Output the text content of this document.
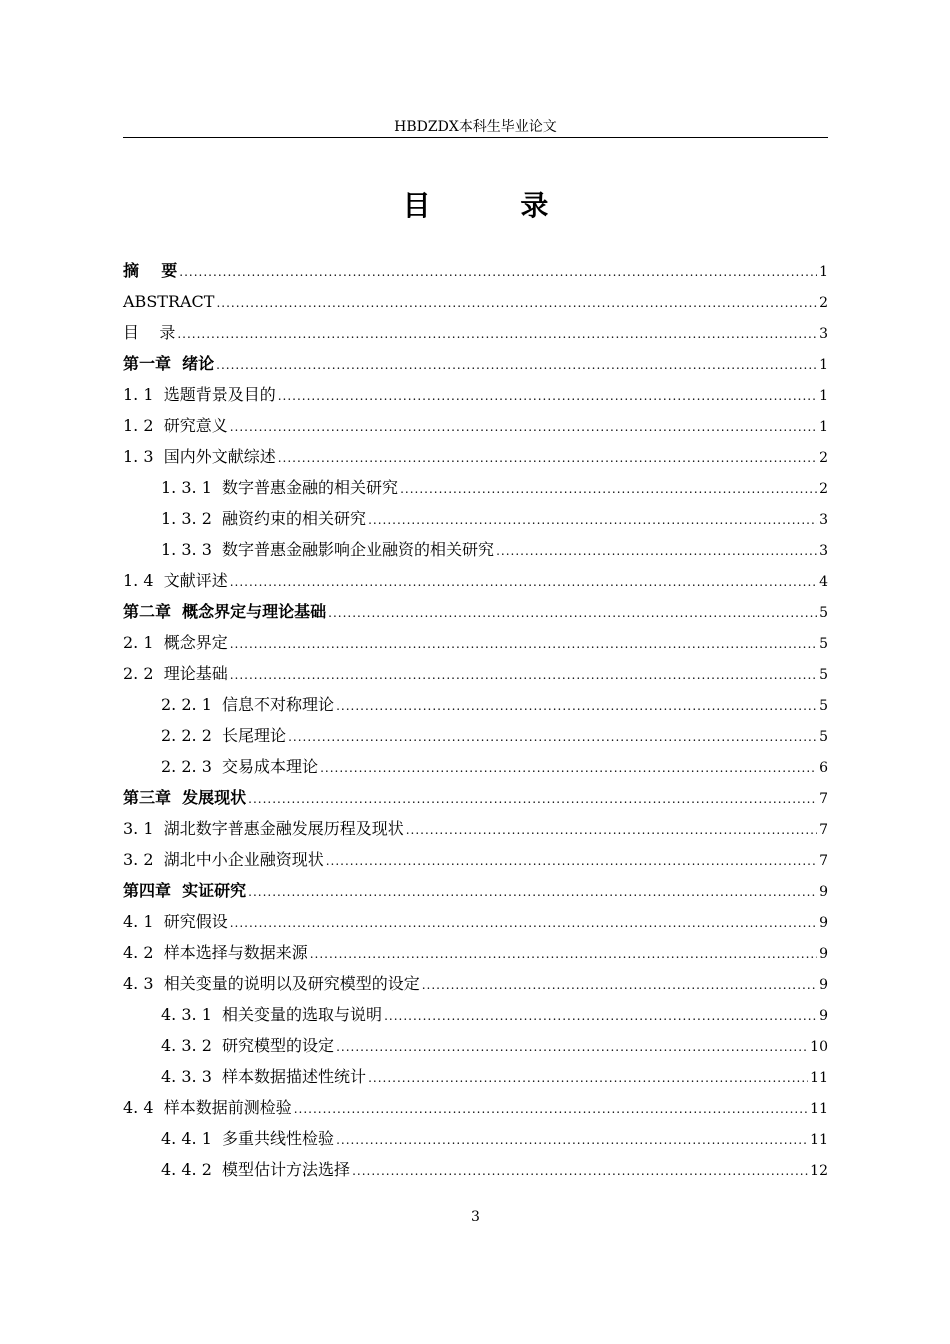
HBDZDX本科生毕业论文
目 录
摘    要 .....	1
ABSTRACT .....	2
目    录 .....	3
第一章  绪论 .....	1
1. 1  选题背景及目的 .....	1
1. 2  研究意义 .....	1
1. 3  国内外文献综述 .....	2
1. 3. 1  数字普惠金融的相关研究 .....	2
1. 3. 2  融资约束的相关研究 .....	3
1. 3. 3  数字普惠金融影响企业融资的相关研究 .....	3
1. 4  文献评述 .....	4
第二章  概念界定与理论基础 .....	5
2. 1  概念界定 .....	5
2. 2  理论基础 .....	5
2. 2. 1  信息不对称理论 .....	5
2. 2. 2  长尾理论 .....	5
2. 2. 3  交易成本理论 .....	6
第三章  发展现状 .....	7
3. 1  湖北数字普惠金融发展历程及现状 .....	7
3. 2  湖北中小企业融资现状 .....	7
第四章  实证研究 .....	9
4. 1  研究假设 .....	9
4. 2  样本选择与数据来源 .....	9
4. 3  相关变量的说明以及研究模型的设定 .....	9
4. 3. 1  相关变量的选取与说明 .....	9
4. 3. 2  研究模型的设定 .....	10
4. 3. 3  样本数据描述性统计 .....	11
4. 4  样本数据前测检验 .....	11
4. 4. 1  多重共线性检验 .....	11
4. 4. 2  模型估计方法选择 .....	12
3
